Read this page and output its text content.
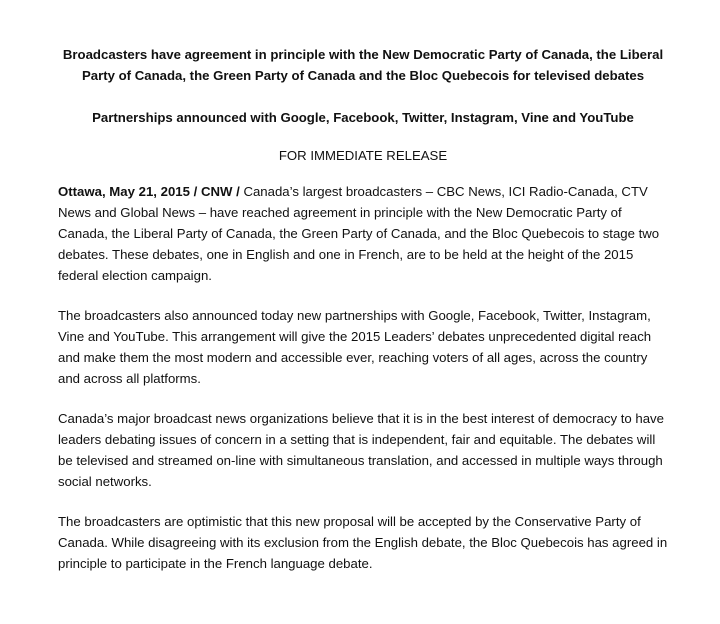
Broadcasters have agreement in principle with the New Democratic Party of Canada, the Liberal Party of Canada, the Green Party of Canada and the Bloc Quebecois for televised debates

Partnerships announced with Google, Facebook, Twitter, Instagram, Vine and YouTube

FOR IMMEDIATE RELEASE

Ottawa, May 21, 2015 / CNW / Canada’s largest broadcasters – CBC News, ICI Radio-Canada, CTV News and Global News – have reached agreement in principle with the New Democratic Party of Canada, the Liberal Party of Canada, the Green Party of Canada, and the Bloc Quebecois to stage two debates. These debates, one in English and one in French, are to be held at the height of the 2015 federal election campaign.

The broadcasters also announced today new partnerships with Google, Facebook, Twitter, Instagram, Vine and YouTube. This arrangement will give the 2015 Leaders’ debates unprecedented digital reach and make them the most modern and accessible ever, reaching voters of all ages, across the country and across all platforms.

Canada’s major broadcast news organizations believe that it is in the best interest of democracy to have leaders debating issues of concern in a setting that is independent, fair and equitable. The debates will be televised and streamed on-line with simultaneous translation, and accessed in multiple ways through social networks.

The broadcasters are optimistic that this new proposal will be accepted by the Conservative Party of Canada. While disagreeing with its exclusion from the English debate, the Bloc Quebecois has agreed in principle to participate in the French language debate.
